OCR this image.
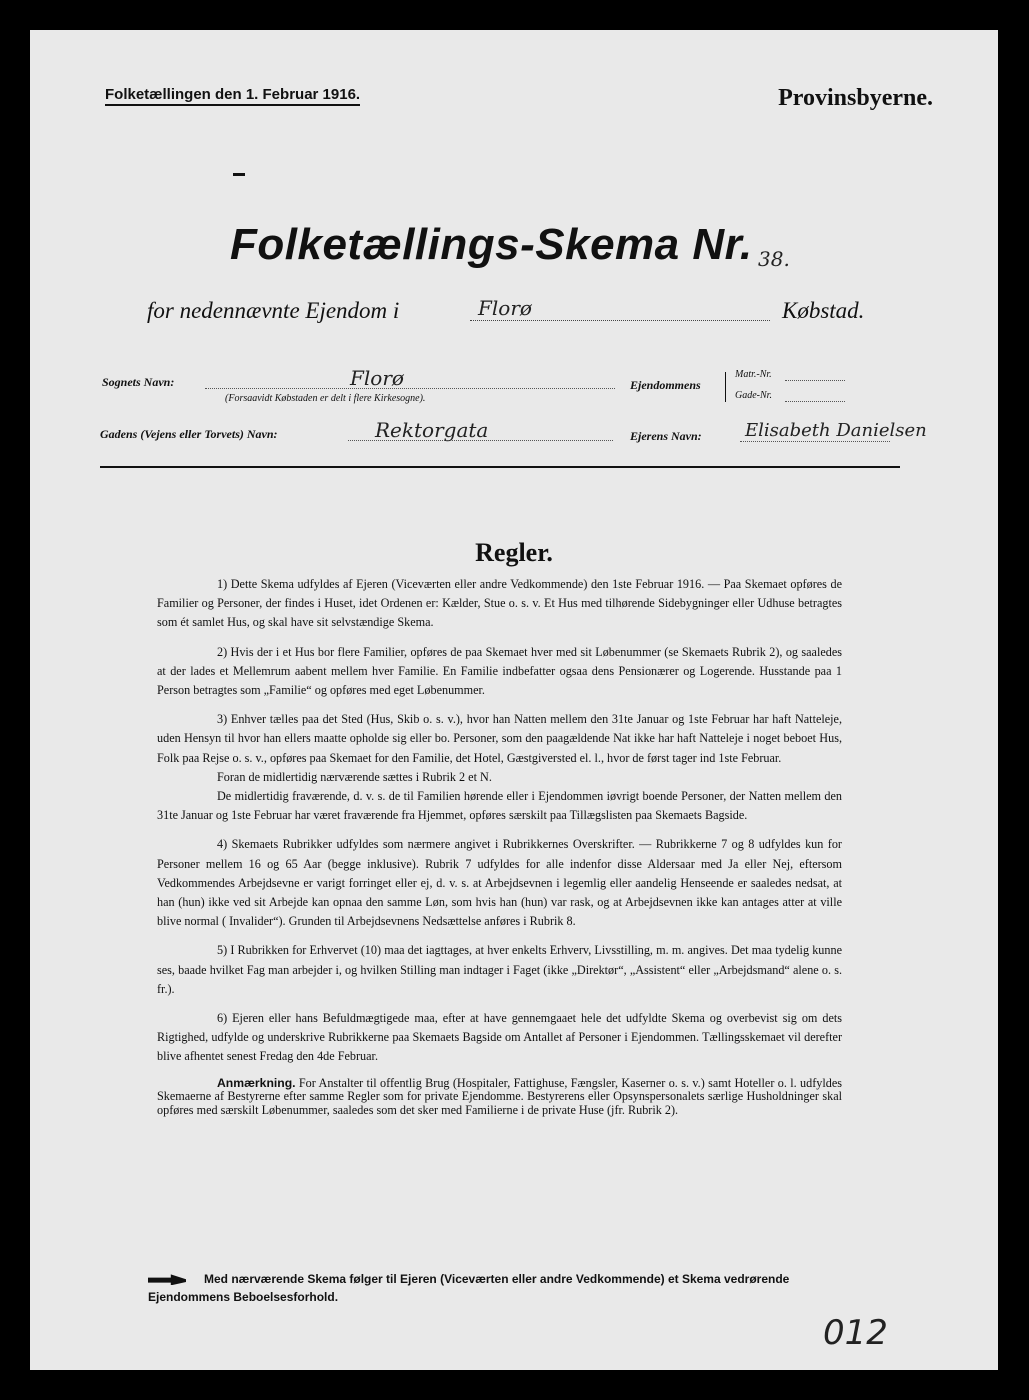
Folketællingen den 1. Februar 1916.	Provinsbyerne.
Folketællings-Skema Nr. 38.
for nedennævnte Ejendom i	Florø	Købstad.
Sognets Navn:	Florø
(Forsaavidt Købstaden er delt i flere Kirkesogne).
Ejendommens
Matr.-Nr.
Gade-Nr.
Gadens (Vejens eller Torvets) Navn:	Rektorgata	Ejerens Navn: Elisabeth Danielsen
Regler.

1) Dette Skema udfyldes af Ejeren (Viceværten eller andre Vedkommende) den 1ste Februar 1916. — Paa Skemaet opføres de Familier og Personer, der findes i Huset, idet Ordenen er: Kælder, Stue o. s. v. Et Hus med tilhørende Sidebygninger eller Udhuse betragtes som ét samlet Hus, og skal have sit selvstændige Skema.

2) Hvis der i et Hus bor flere Familier, opføres de paa Skemaet hver med sit Løbenummer (se Skemaets Rubrik 2), og saaledes at der lades et Mellemrum aabent mellem hver Familie. En Familie indbefatter ogsaa dens Pensionærer og Logerende. Husstande paa 1 Person betragtes som „Familie“ og opføres med eget Løbenummer.

3) Enhver tælles paa det Sted (Hus, Skib o. s. v.), hvor han Natten mellem den 31te Januar og 1ste Februar har haft Natteleje, uden Hensyn til hvor han ellers maatte opholde sig eller bo. Personer, som den paagældende Nat ikke har haft Natteleje i noget beboet Hus, Folk paa Rejse o. s. v., opføres paa Skemaet for den Familie, det Hotel, Gæstgiversted el. l., hvor de først tager ind 1ste Februar.

Foran de midlertidig nærværende sættes i Rubrik 2 et N.

De midlertidig fraværende, d. v. s. de til Familien hørende eller i Ejendommen iøvrigt boende Personer, der Natten mellem den 31te Januar og 1ste Februar har været fraværende fra Hjemmet, opføres særskilt paa Tillægslisten paa Skemaets Bagside.

4) Skemaets Rubrikker udfyldes som nærmere angivet i Rubrikkernes Overskrifter. — Rubrikkerne 7 og 8 udfyldes kun for Personer mellem 16 og 65 Aar (begge inklusive). Rubrik 7 udfyldes for alle indenfor disse Aldersaar med Ja eller Nej, eftersom Vedkommendes Arbejdsevne er varigt forringet eller ej, d. v. s. at Arbejdsevnen i legemlig eller aandelig Henseende er saaledes nedsat, at han (hun) ikke ved sit Arbejde kan opnaa den samme Løn, som hvis han (hun) var rask, og at Arbejdsevnen ikke kan antages atter at ville blive normal ( Invalider“). Grunden til Arbejdsevnens Nedsættelse anføres i Rubrik 8.

5) I Rubrikken for Erhvervet (10) maa det iagttages, at hver enkelts Erhverv, Livsstilling, m. m. angives. Det maa tydelig kunne ses, baade hvilket Fag man arbejder i, og hvilken Stilling man indtager i Faget (ikke „Direktør“, „Assistent“ eller „Arbejdsmand“ alene o. s. fr.).

6) Ejeren eller hans Befuldmægtigede maa, efter at have gennemgaaet hele det udfyldte Skema og overbevist sig om dets Rigtighed, udfylde og underskrive Rubrikkerne paa Skemaets Bagside om Antallet af Personer i Ejendommen. Tællingsskemaet vil derefter blive afhentet senest Fredag den 4de Februar.

Anmærkning. For Anstalter til offentlig Brug (Hospitaler, Fattighuse, Fængsler, Kaserner o. s. v.) samt Hoteller o. l. udfyldes Skemaerne af Bestyrerne efter samme Regler som for private Ejendomme. Bestyrerens eller Opsynspersonalets særlige Husholdninger skal opføres med særskilt Løbenummer, saaledes som det sker med Familierne i de private Huse (jfr. Rubrik 2).

Med nærværende Skema følger til Ejeren (Viceværten eller andre Vedkommende) et Skema vedrørende Ejendommens Beboelsesforhold.
012
